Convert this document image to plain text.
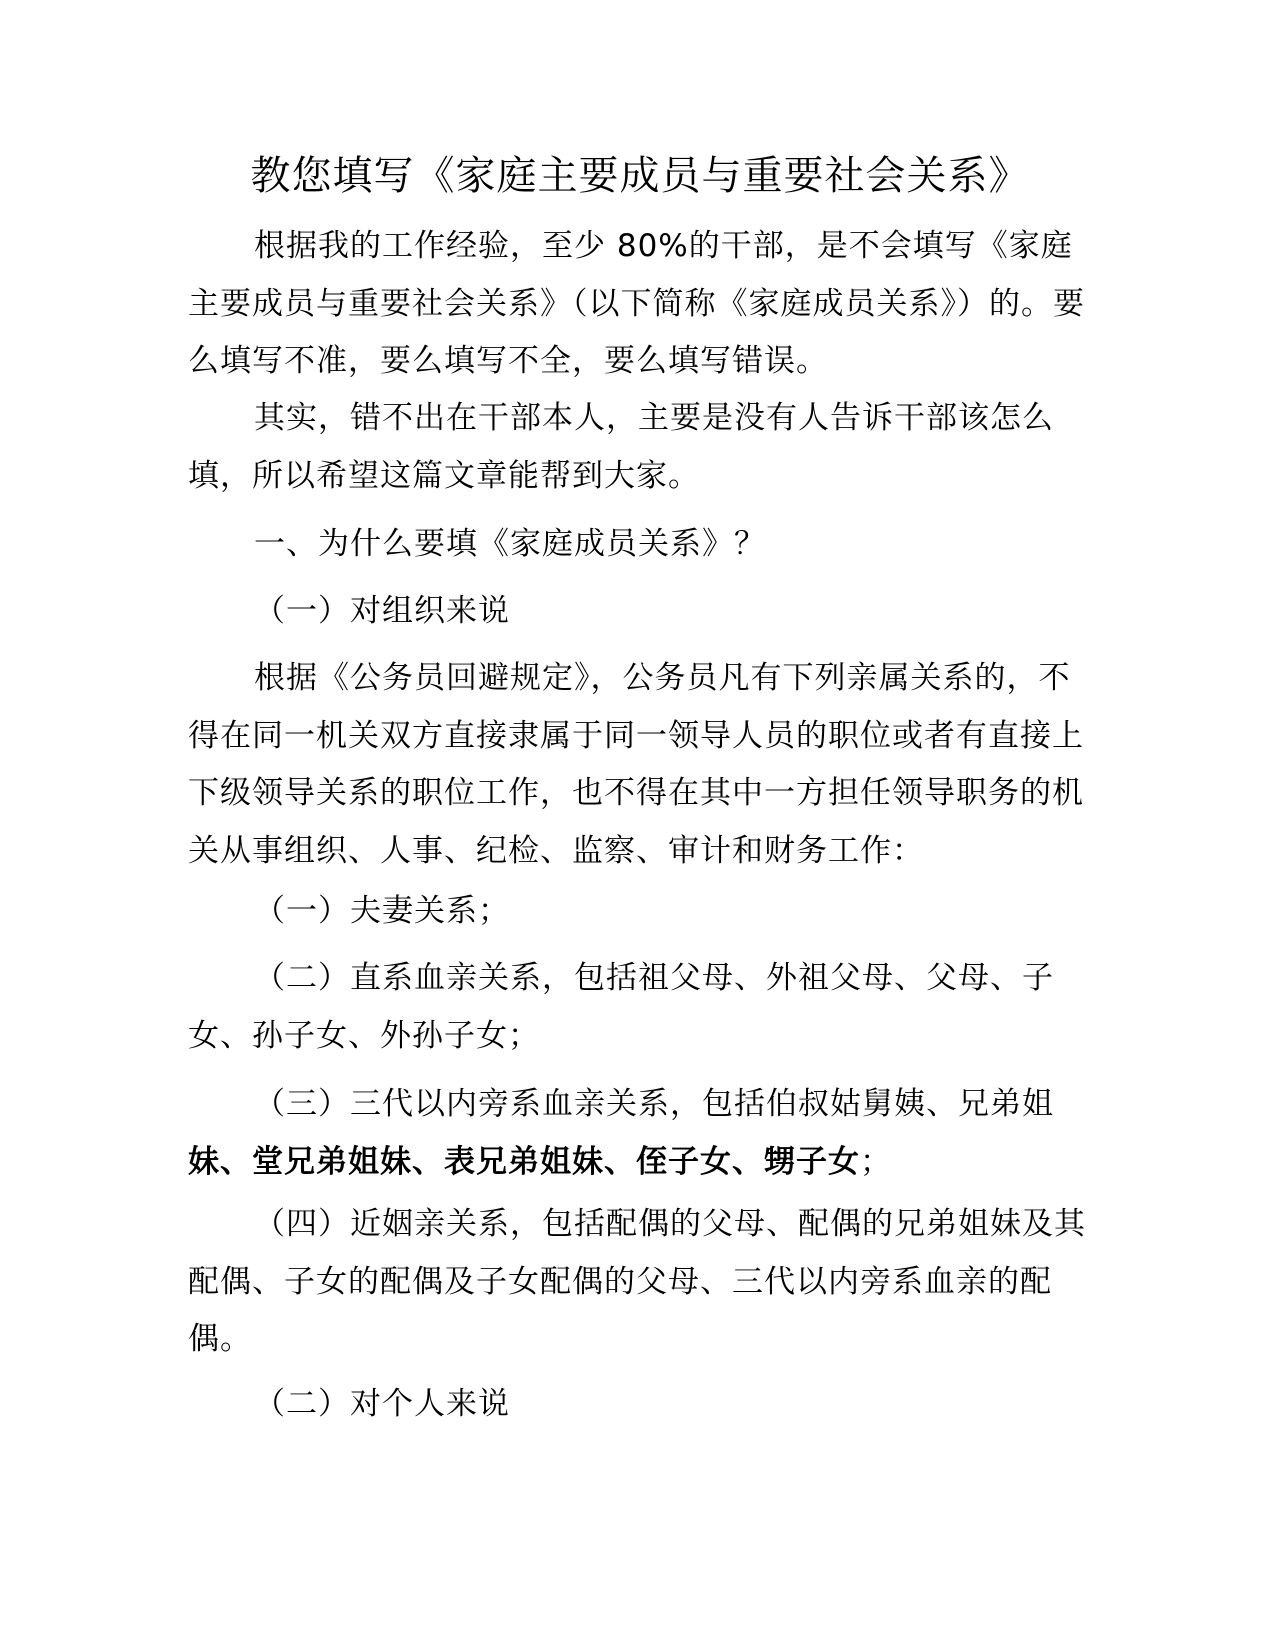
教您填写《家庭主要成员与重要社会关系》

根据我的工作经验，至少 80%的干部，是不会填写《家庭主要成员与重要社会关系》（以下简称《家庭成员关系》）的。要么填写不准，要么填写不全，要么填写错误。

其实，错不出在干部本人，主要是没有人告诉干部该怎么填，所以希望这篇文章能帮到大家。

一、为什么要填《家庭成员关系》？

（一）对组织来说

根据《公务员回避规定》，公务员凡有下列亲属关系的，不得在同一机关双方直接隶属于同一领导人员的职位或者有直接上下级领导关系的职位工作，也不得在其中一方担任领导职务的机关从事组织、人事、纪检、监察、审计和财务工作：

（一）夫妻关系；

（二）直系血亲关系，包括祖父母、外祖父母、父母、子女、孙子女、外孙子女；

（三）三代以内旁系血亲关系，包括伯叔姑舅姨、兄弟姐妹、堂兄弟姐妹、表兄弟姐妹、侄子女、甥子女；

（四）近姻亲关系，包括配偶的父母、配偶的兄弟姐妹及其配偶、子女的配偶及子女配偶的父母、三代以内旁系血亲的配偶。

（二）对个人来说
